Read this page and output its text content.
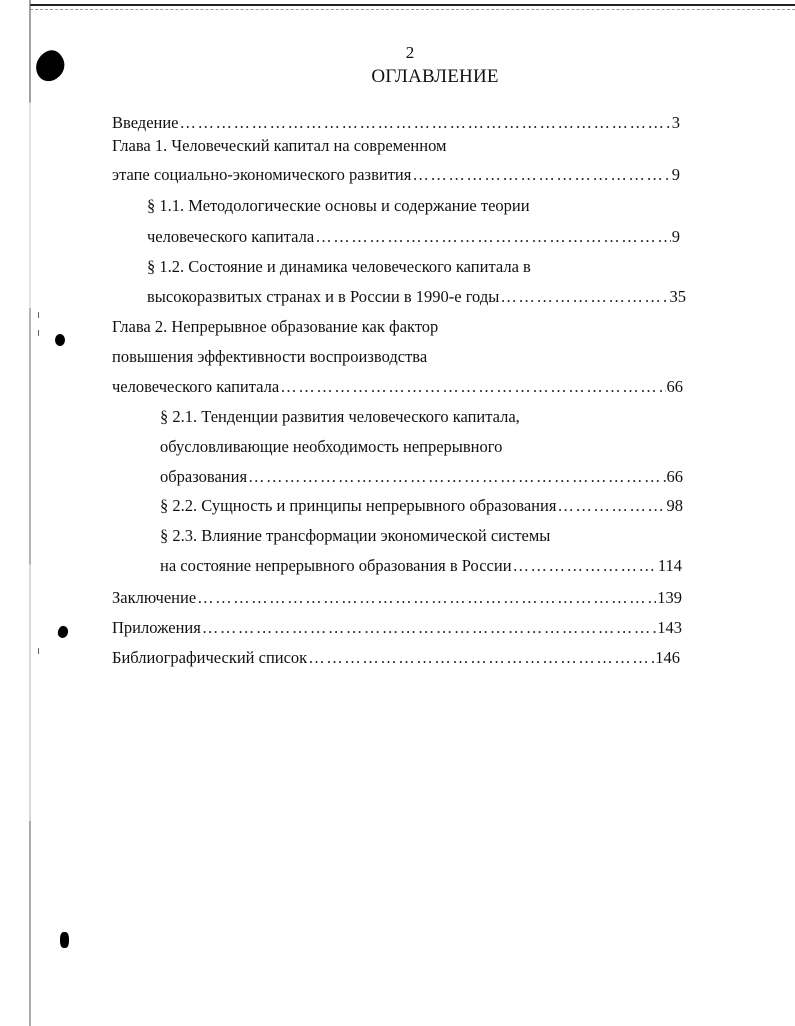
2
ОГЛАВЛЕНИЕ
Введение ……………………………………………………………………………………………………………………………	3
Глава 1. Человеческий капитал на современном
этапе социально-экономического развития ……………………………………………………………………………………………………………………………	9
§ 1.1. Методологические основы и содержание теории
человеческого капитала ……………………………………………………………………………………………………………………………	9
§ 1.2. Состояние и динамика человеческого капитала в
высокоразвитых странах и в России в 1990-е годы ……………………………………………………………………………………………………………………………	35
Глава 2. Непрерывное образование как фактор
повышения эффективности воспроизводства
человеческого капитала ……………………………………………………………………………………………………………………………	66
§ 2.1. Тенденции развития человеческого капитала,
обусловливающие необходимость непрерывного
образования ……………………………………………………………………………………………………………………………	66
§ 2.2. Сущность и принципы непрерывного образования ……………………………………………………………………………………………………………………………	98
§ 2.3. Влияние трансформации экономической системы
на состояние непрерывного образования в России ……………………………………………………………………………………………………………………………	114
Заключение ……………………………………………………………………………………………………………………………	139
Приложения ……………………………………………………………………………………………………………………………	143
Библиографический список ……………………………………………………………………………………………………………………………	146
